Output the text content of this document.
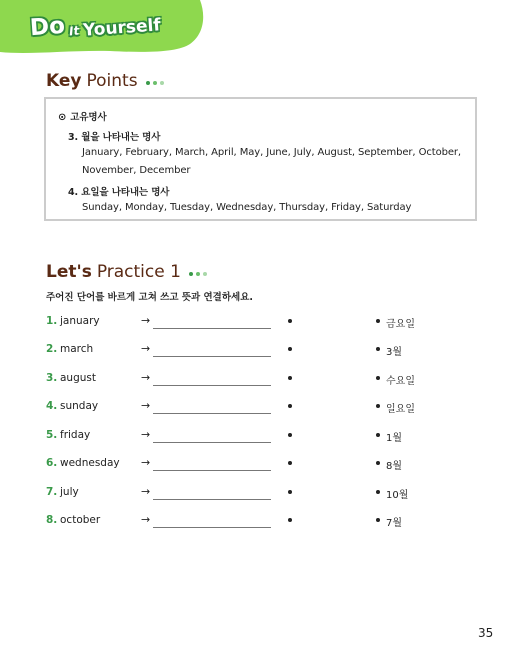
Do It Yourself
Key Points
⊙ 고유명사
3. 월을 나타내는 명사
January, February, March, April, May, June, July, August, September, October,
November, December
4. 요일을 나타내는 명사
Sunday, Monday, Tuesday, Wednesday, Thursday, Friday, Saturday
Let's Practice 1
주어진 단어를 바르게 고쳐 쓰고 뜻과 연결하세요.
1. january	→	금요일
2. march	→	3월
3. august	→	수요일
4. sunday	→	일요일
5. friday	→	1월
6. wednesday →	8월
7. july	→	10월
8. october	→	7월
35
